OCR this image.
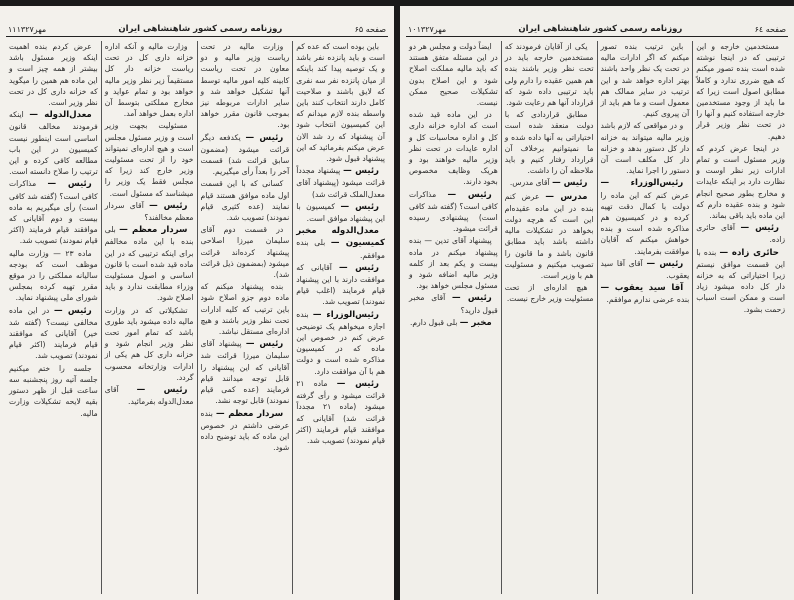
۱۱مهر۱۳۲۷	روزنامه رسمی کشور شاهنشاهی ایران	صفحه ۶۵

باین بوده است که عده کم است و باید پانزده نفر باشد و یک توصیه پیدا کند باینکه از میان پانزده نفر سه نفری که لایق باشند و صلاحیت کامل دارند انتخاب کنند باین واسطه بنده لازم میدانم که این کمیسیون انتخاب شود آن پیشنهاد که رد شد الان عرض میکنم بفرمائید که این پیشنهاد قبول شود.

رئیس — پیشنهاد مجدداً قرائت میشود (پیشنهاد آقای معدل‌الملک قرائت شد)

رئیس — کمیسیون با این پیشنهاد موافق است.

معدل‌الدوله مخبر کمیسیون — بلی بنده موافقم.

رئیس — آقایانی که موافقت دارند با این پیشنهاد قیام فرمایند (اغلب قیام نمودند) تصویب شد.

رئیس‌الوزراء — بنده اجازه میخواهم یک توضیحی عرض کنم در خصوص این ماده که در کمیسیون مذاکره شده است و دولت هم با آن موافقت دارد.

رئیس — ماده ۲۱ قرائت میشود و رأی گرفته میشود (ماده ۲۱ مجدداً قرائت شد) آقایانی که موافقند قیام فرمایند (اکثر قیام نمودند) تصویب شد.

وزارت مالیه در تحت ریاست وزیر مالیه و دو معاون در تحت ریاست کابینه کلیه امور مالیه توسط آنها تشکیل خواهد شد و سایر ادارات مربوطه نیز بموجب قانون مقرر خواهد بود.

رئیس — یکدفعه دیگر قرائت میشود (مضمون سابق قرائت شد) قسمت آخر را بعداً رأی میگیریم.

کسانی که با این قسمت اول ماده موافق هستند قیام نمایند (عده کثیری قیام نمودند) تصویب شد.

در قسمت دوم آقای سلیمان میرزا اصلاحی پیشنهاد کرده‌اند قرائت میشود (بمضمون ذیل قرائت شد).

بنده پیشنهاد میکنم که ماده دوم جزو اصلاح شود باین ترتیب که کلیه ادارات تحت نظر وزیر باشند و هیچ اداره‌ای مستقل نباشد.

رئیس — پیشنهاد آقای سلیمان میرزا قرائت شد آقایانی که این پیشنهاد را قابل توجه میدانند قیام فرمایند (عده کمی قیام نمودند) قابل توجه نشد.

سردار معظم — بنده عرضی داشتم در خصوص این ماده که باید توضیح داده شود.

وزارت مالیه و آنکه اداره خزانه داری کل در تحت ریاست خزانه دار کل مستقیماً زیر نظر وزیر مالیه خواهد بود و تمام عواید و مخارج مملکتی بتوسط آن اداره بعمل خواهد آمد.

مسئولیت بجهت وزیر است و وزیر مسئول مجلس است و هیچ اداره‌ای نمیتواند خود را از تحت مسئولیت وزیر خارج کند زیرا که مجلس فقط یک وزیر را میشناسد که مسئول است.

رئیس — آقای سردار معظم مخالفند؟

سردار معظم — بلی بنده با این ماده مخالفم برای اینکه ترتیبی که در این ماده قید شده است با قانون اساسی و اصول مسئولیت وزراء مطابقت ندارد و باید اصلاح شود.

تشکیلاتی که در وزارت مالیه داده میشود باید طوری باشد که تمام امور تحت نظر وزیر انجام شود و خزانه داری کل هم یکی از ادارات وزارتخانه محسوب گردد.

رئیس — آقای معدل‌الدوله بفرمائید.

عرض کردم بنده اهمیت اینکه وزیر مسئول باشد بیشتر از همه چیز است و این ماده هم همین را میگوید که خزانه داری کل در تحت نظر وزیر است.

معدل‌الدوله — اینکه فرمودند مخالف قانون اساسی است اینطور نیست کمیسیون در این باب مطالعه کافی کرده و این ترتیب را صلاح دانسته است.

رئیس — مذاکرات کافی است؟ (گفته شد کافی است) رأی میگیریم به ماده بیست و دوم آقایانی که موافقند قیام فرمایند (اکثر قیام نمودند) تصویب شد.

ماده ۲۳ — وزارت مالیه موظف است که بودجه سالیانه مملکتی را در موقع مقرر تهیه کرده بمجلس شورای ملی پیشنهاد نماید.

رئیس — در این ماده مخالفی نیست؟ (گفته شد خیر) آقایانی که موافقند قیام فرمایند (اکثر قیام نمودند) تصویب شد.

جلسه را ختم میکنیم جلسه آتیه روز پنجشنبه سه ساعت قبل از ظهر دستور بقیه لایحه تشکیلات وزارت مالیه.

۱۰مهر۱۳۲۷	روزنامه رسمی کشور شاهنشاهی ایران	صفحه ۶٤

مستخدمین خارجه و این ترتیبی که در اینجا نوشته شده است بنده تصور میکنم که هیچ ضرری ندارد و کاملاً مطابق اصول است زیرا که ما باید از وجود مستخدمین خارجه استفاده کنیم و آنها را در تحت نظر وزیر قرار دهیم.

در اینجا عرض کردم که وزیر مسئول است و تمام ادارات زیر نظر اوست و نظارت دارد بر اینکه عایدات و مخارج بطور صحیح انجام شود و بنده عقیده دارم که این ماده باید باقی بماند.

رئیس — آقای حائری زاده.

حائری زاده — بنده با این قسمت موافق نیستم زیرا اختیاراتی که به خزانه دار کل داده میشود زیاد است و ممکن است اسباب زحمت بشود.

باین ترتیب بنده تصور میکنم که اگر ادارات مالیه در تحت یک نظر واحد باشند بهتر اداره خواهد شد و این ترتیب در سایر ممالک هم معمول است و ما هم باید از آن پیروی کنیم.

و در مواقعی که لازم باشد وزیر مالیه میتواند به خزانه دار کل دستور بدهد و خزانه دار کل مکلف است آن دستور را اجرا نماید.

رئیس‌الوزراء — عرض کنم که این ماده را دولت با کمال دقت تهیه کرده و در کمیسیون هم مذاکره شده است و بنده خواهش میکنم که آقایان موافقت بفرمایند.

رئیس — آقای آقا سید یعقوب.

آقا سید یعقوب — بنده عرضی ندارم موافقم.

یکی از آقایان فرمودند که مستخدمین خارجه باید در تحت نظر وزیر باشند بنده هم همین عقیده را دارم ولی باید ترتیبی داده شود که قرارداد آنها هم رعایت شود.

مطابق قراردادی که با دولت منعقد شده است اختیاراتی به آنها داده شده و ما نمیتوانیم برخلاف آن قرارداد رفتار کنیم و باید ملاحظه آن را داشت.

رئیس — آقای مدرس.

مدرس — عرض کنم بنده در این ماده عقیده‌ام این است که هرچه دولت بخواهد در تشکیلات مالیه داشته باشد باید مطابق قانون باشد و ما قانون را تصویب میکنیم و مسئولیت هم با وزیر است.

هیچ اداره‌ای از تحت مسئولیت وزیر خارج نیست.

ایضاً دولت و مجلس هر دو در این مسئله متفق هستند که باید مالیه مملکت اصلاح شود و این اصلاح بدون تشکیلات صحیح ممکن نیست.

در این ماده قید شده است که اداره خزانه داری کل و اداره محاسبات کل و اداره عایدات در تحت نظر وزیر مالیه خواهند بود و هریک وظایف مخصوص بخود دارند.

رئیس — مذاکرات کافی است؟ (گفته شد کافی است) پیشنهادی رسیده قرائت میشود.

پیشنهاد آقای تدین — بنده پیشنهاد میکنم در ماده بیست و یکم بعد از کلمه وزیر مالیه اضافه شود و مسئول مجلس خواهد بود.

رئیس — آقای مخبر قبول دارید؟

مخبر — بلی قبول دارم.
